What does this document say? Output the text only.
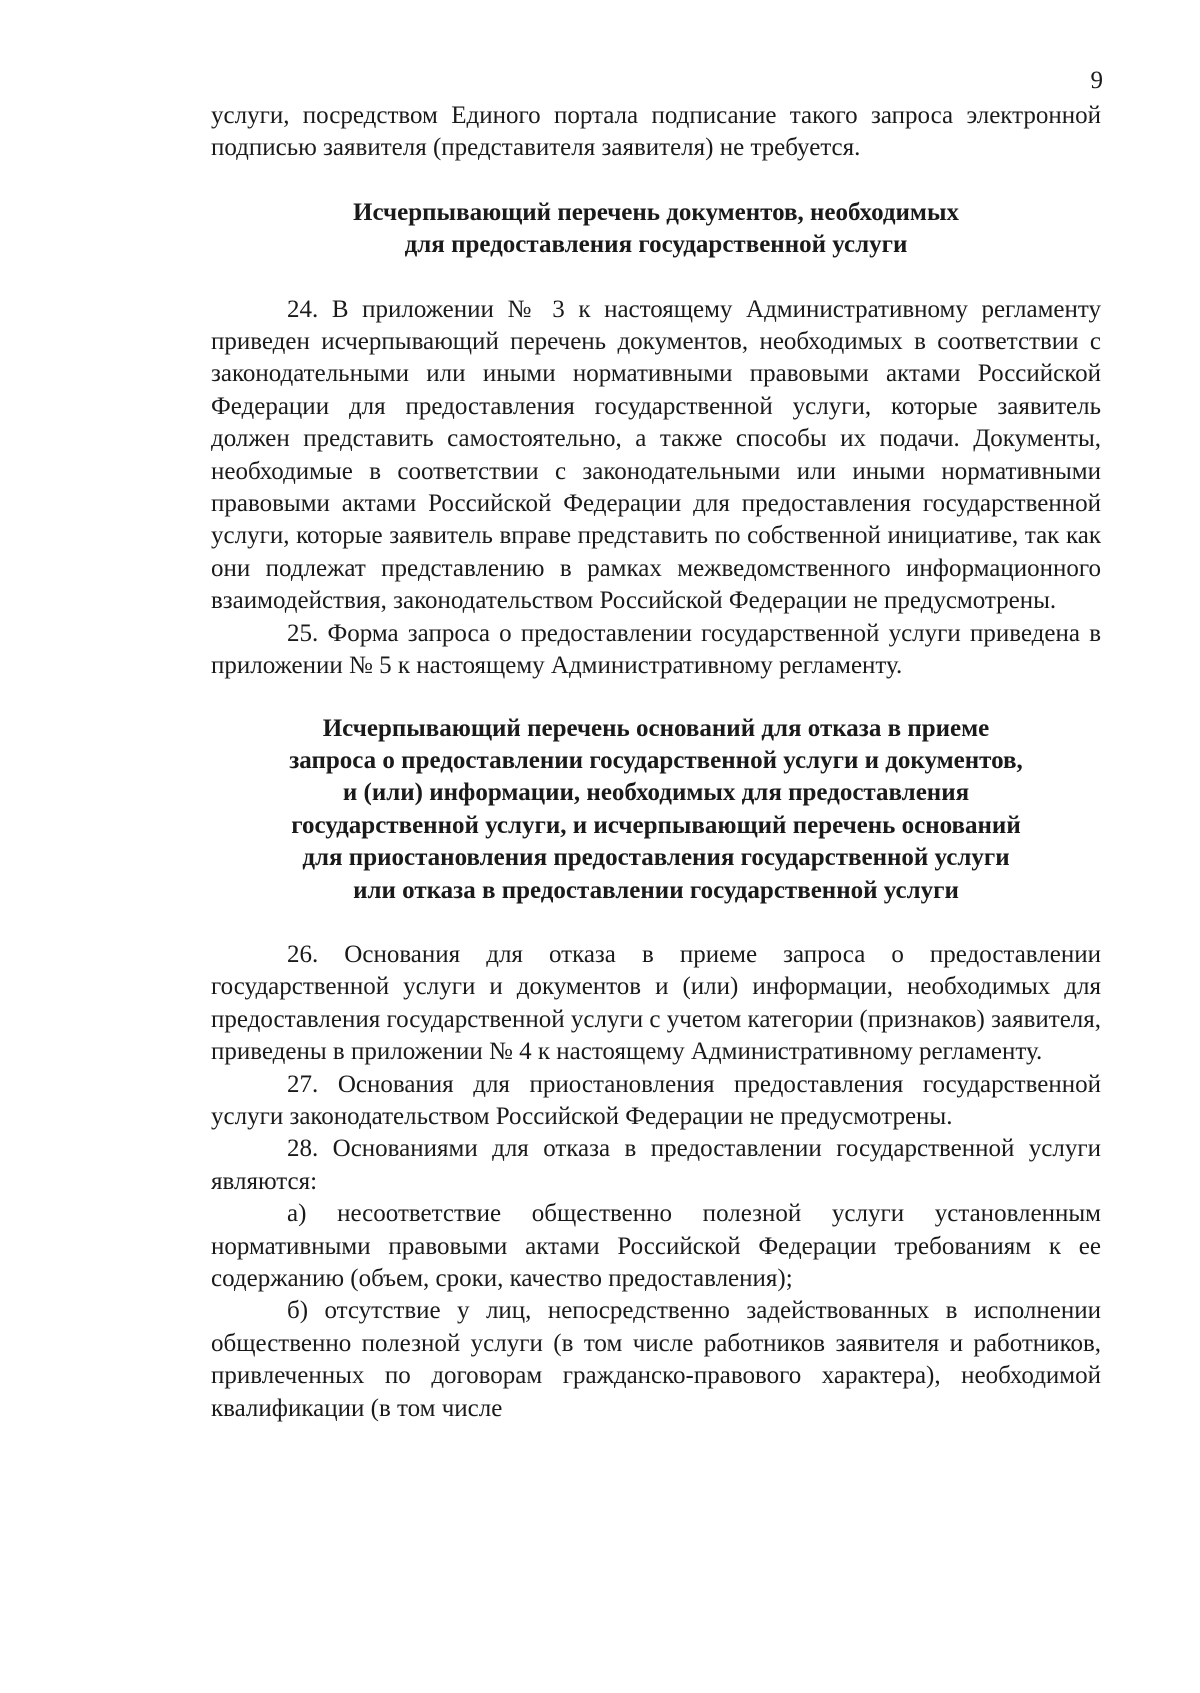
9

услуги, посредством Единого портала подписание такого запроса электронной подписью заявителя (представителя заявителя) не требуется.

Исчерпывающий перечень документов, необходимых
для предоставления государственной услуги

24. В приложении № 3 к настоящему Административному регламенту приведен исчерпывающий перечень документов, необходимых в соответствии с законодательными или иными нормативными правовыми актами Российской Федерации для предоставления государственной услуги, которые заявитель должен представить самостоятельно, а также способы их подачи. Документы, необходимые в соответствии с законодательными или иными нормативными правовыми актами Российской Федерации для предоставления государственной услуги, которые заявитель вправе представить по собственной инициативе, так как они подлежат представлению в рамках межведомственного информационного взаимодействия, законодательством Российской Федерации не предусмотрены.

25. Форма запроса о предоставлении государственной услуги приведена в приложении № 5 к настоящему Административному регламенту.

Исчерпывающий перечень оснований для отказа в приеме
запроса о предоставлении государственной услуги и документов,
и (или) информации, необходимых для предоставления
государственной услуги, и исчерпывающий перечень оснований
для приостановления предоставления государственной услуги
или отказа в предоставлении государственной услуги

26. Основания для отказа в приеме запроса о предоставлении государственной услуги и документов и (или) информации, необходимых для предоставления государственной услуги с учетом категории (признаков) заявителя, приведены в приложении № 4 к настоящему Административному регламенту.

27. Основания для приостановления предоставления государственной услуги законодательством Российской Федерации не предусмотрены.

28. Основаниями для отказа в предоставлении государственной услуги являются:

а) несоответствие общественно полезной услуги установленным нормативными правовыми актами Российской Федерации требованиям к ее содержанию (объем, сроки, качество предоставления);

б) отсутствие у лиц, непосредственно задействованных в исполнении общественно полезной услуги (в том числе работников заявителя и работников, привлеченных по договорам гражданско-правового характера), необходимой квалификации (в том числе
